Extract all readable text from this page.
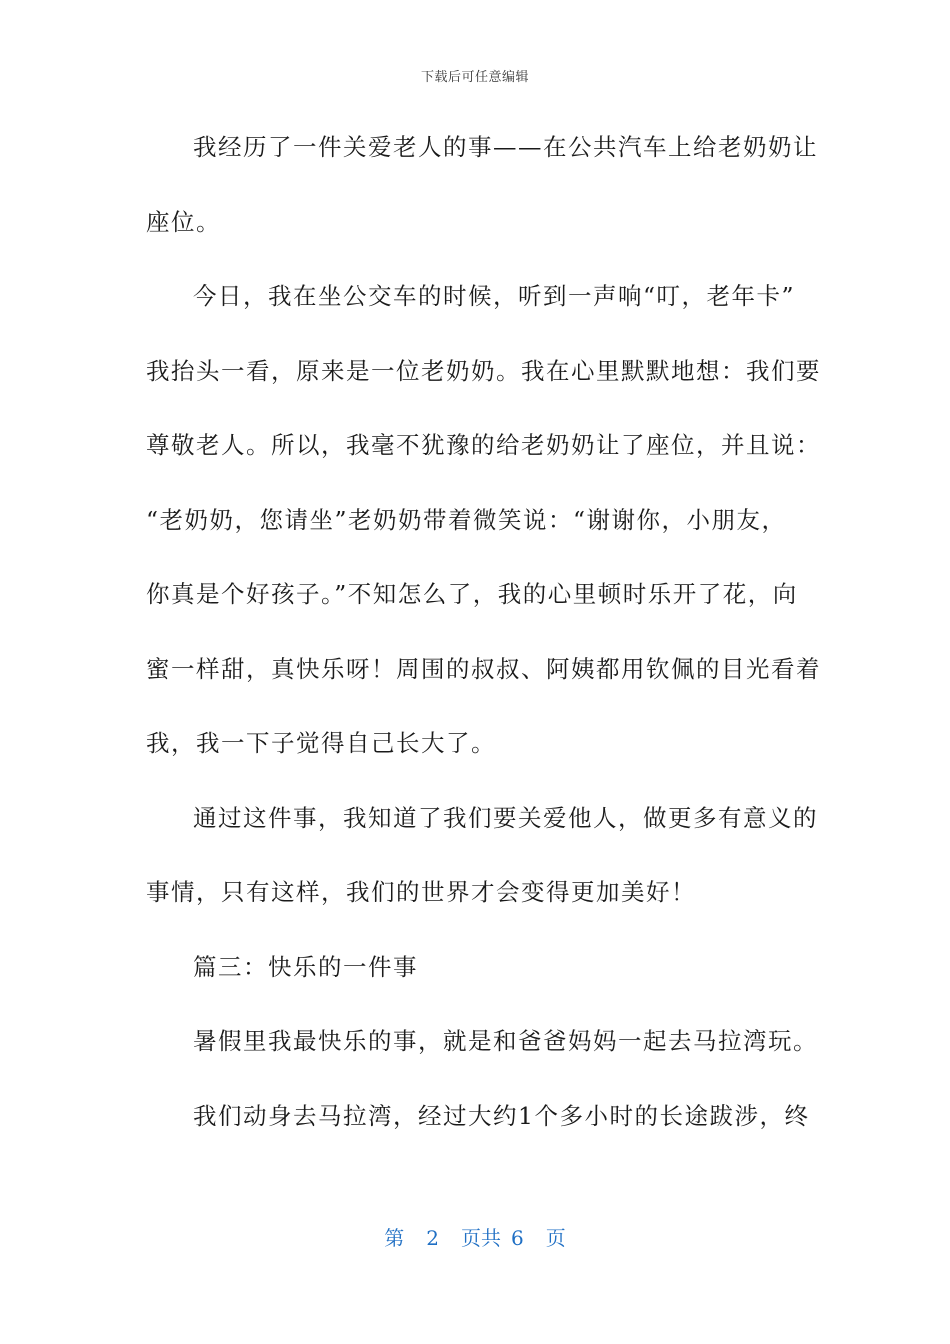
下载后可任意编辑
我经历了一件关爱老人的事——在公共汽车上给老奶奶让
座位。
今日，我在坐公交车的时候，听到一声响“叮，老年卡”
我抬头一看，原来是一位老奶奶。我在心里默默地想：我们要
尊敬老人。所以，我毫不犹豫的给老奶奶让了座位，并且说：
“老奶奶，您请坐”老奶奶带着微笑说：“谢谢你，小朋友，
你真是个好孩子。”不知怎么了，我的心里顿时乐开了花，向
蜜一样甜，真快乐呀！周围的叔叔、阿姨都用钦佩的目光看着
我，我一下子觉得自己长大了。
通过这件事，我知道了我们要关爱他人，做更多有意义的
事情，只有这样，我们的世界才会变得更加美好！
篇三：快乐的一件事
暑假里我最快乐的事，就是和爸爸妈妈一起去马拉湾玩。
我们动身去马拉湾，经过大约1个多小时的长途跋涉，终
第 2 页共 6 页
